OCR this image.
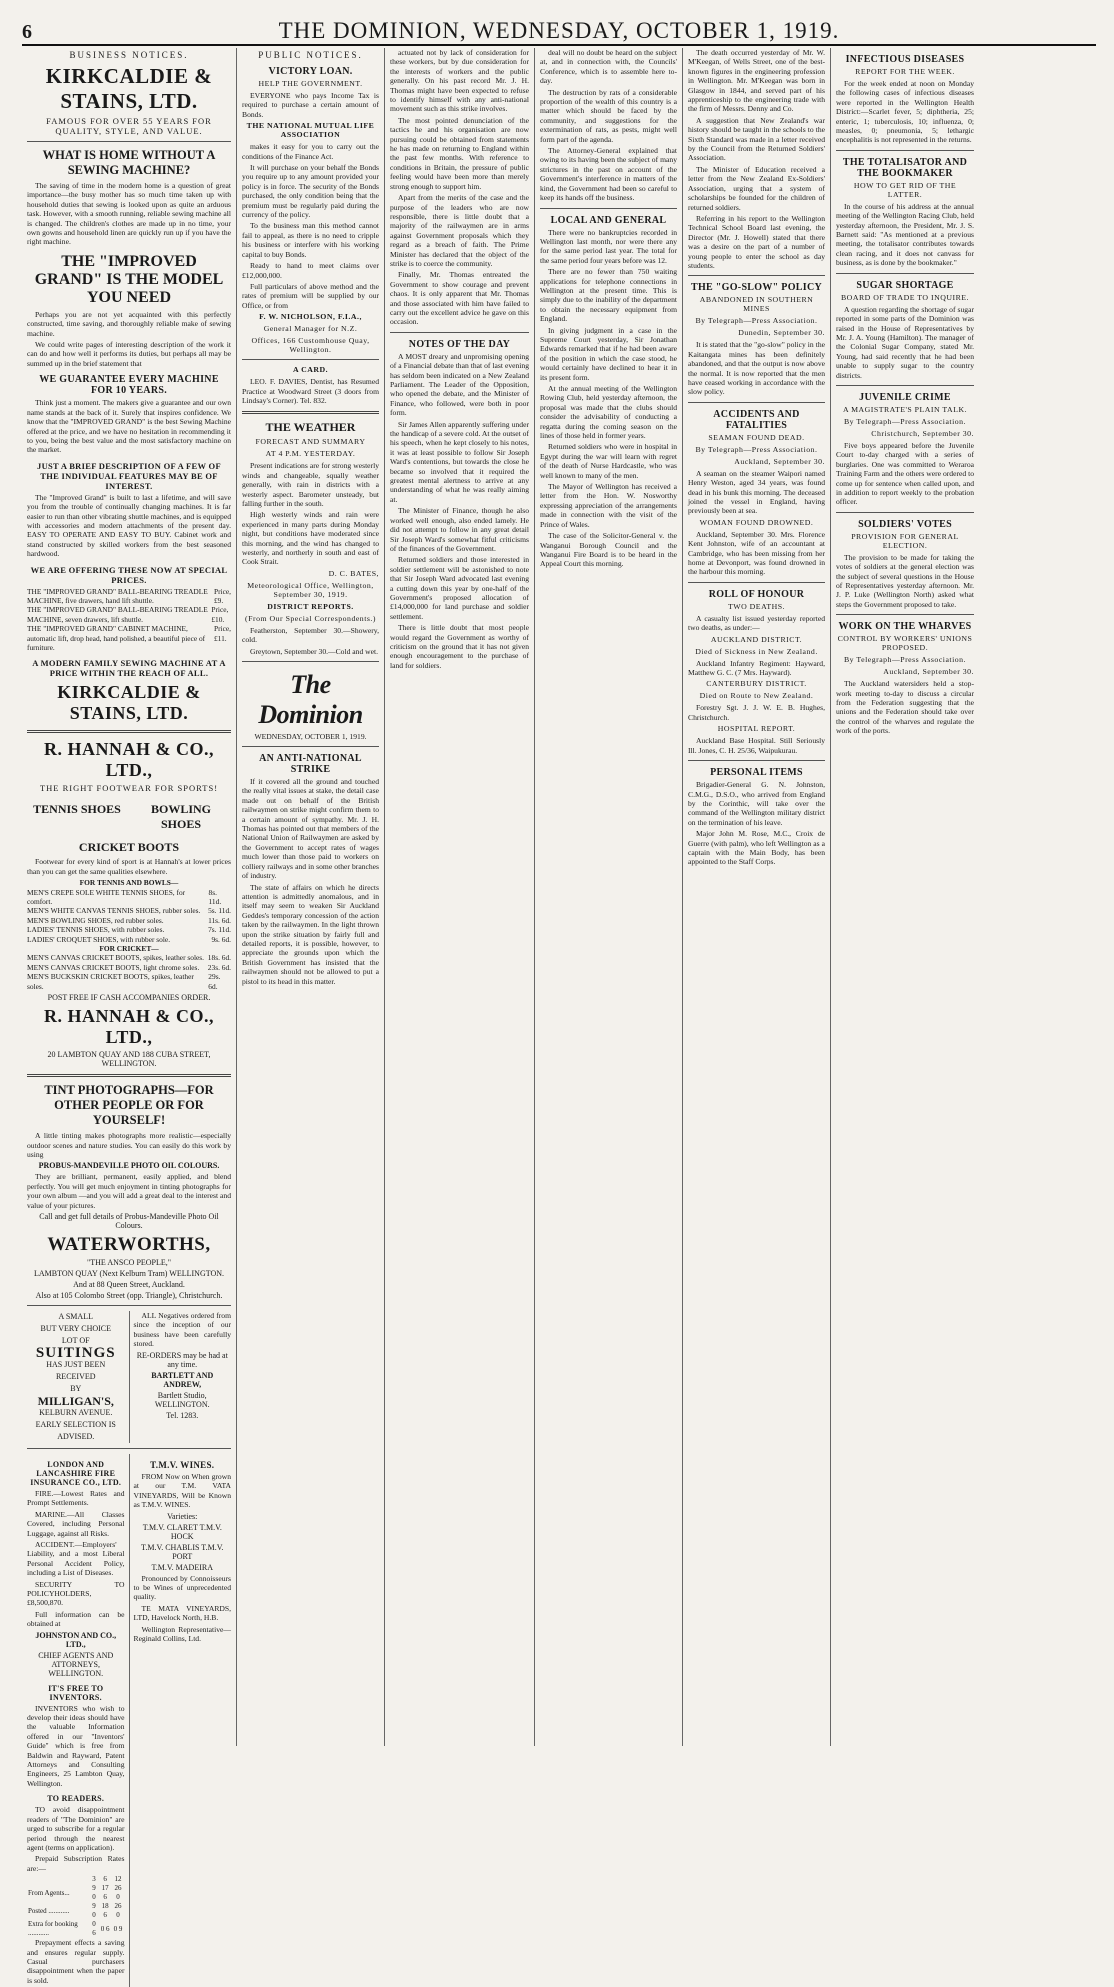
6	THE DOMINION, WEDNESDAY, OCTOBER 1, 1919.
BUSINESS NOTICES.
KIRKCALDIE & STAINS, LTD.
FAMOUS FOR OVER 55 YEARS FOR QUALITY, STYLE, AND VALUE.
WHAT IS HOME WITHOUT A SEWING MACHINE?

The saving of time in the modern home is a question of great importance—the busy mother has so much time taken up with household duties that sewing is looked upon as quite an arduous task. However, with a smooth running, reliable sewing machine all is changed. The children's clothes are made up in no time, your own gowns and household linen are quickly run up if you have the right machine.

THE "IMPROVED GRAND" IS THE MODEL YOU NEED

Perhaps you are not yet acquainted with this perfectly constructed, time saving, and thoroughly reliable make of sewing machine.

We could write pages of interesting description of the work it can do and how well it performs its duties, but perhaps all may be summed up in the brief statement that

WE GUARANTEE EVERY MACHINE FOR 10 YEARS.

Think just a moment. The makers give a guarantee and our own name stands at the back of it. Surely that inspires confidence. We know that the "IMPROVED GRAND" is the best Sewing Machine offered at the price, and we have no hesitation in recommending it to you, being the best value and the most satisfactory machine on the market.

JUST A BRIEF DESCRIPTION OF A FEW OF THE INDIVIDUAL FEATURES MAY BE OF INTEREST.

The "Improved Grand" is built to last a lifetime, and will save you from the trouble of continually changing machines. It is far easier to run than other vibrating shuttle machines, and is equipped with accessories and modern attachments of the present day. EASY TO OPERATE AND EASY TO BUY. Cabinet work and stand constructed by skilled workers from the best seasoned hardwood.

WE ARE OFFERING THESE NOW AT SPECIAL PRICES.
THE "IMPROVED GRAND" BALL-BEARING TREADLE MACHINE, five drawers, hand lift shuttle.
Price, £9.
THE "IMPROVED GRAND" BALL-BEARING TREADLE MACHINE, seven drawers, lift shuttle.
Price, £10.
THE "IMPROVED GRAND" CABINET MACHINE, automatic lift, drop head, hand polished, a beautiful piece of furniture.
Price, £11.
A MODERN FAMILY SEWING MACHINE AT A PRICE WITHIN THE REACH OF ALL.
KIRKCALDIE & STAINS, LTD.
R. HANNAH & CO., LTD.,
THE RIGHT FOOTWEAR FOR SPORTS!
TENNIS SHOES	BOWLING SHOES
CRICKET BOOTS

Footwear for every kind of sport is at Hannah's at lower prices than you can get the same qualities elsewhere.

FOR TENNIS AND BOWLS—
MEN'S CREPE SOLE WHITE TENNIS SHOES, for comfort.
8s. 11d.
MEN'S WHITE CANVAS TENNIS SHOES, rubber soles. 5s. 11d.
MEN'S BOWLING SHOES, red rubber soles.	11s. 6d.
LADIES' TENNIS SHOES, with rubber soles.	7s. 11d.
LADIES' CROQUET SHOES, with rubber sole.	9s. 6d.
FOR CRICKET—
MEN'S CANVAS CRICKET BOOTS, spikes, leather soles. 18s. 6d.
MEN'S CANVAS CRICKET BOOTS, light chrome soles. 23s. 6d.
MEN'S BUCKSKIN CRICKET BOOTS, spikes, leather soles.
29s. 6d.
POST FREE IF CASH ACCOMPANIES ORDER.
R. HANNAH & CO., LTD.,
20 LAMBTON QUAY AND 188 CUBA STREET, WELLINGTON.
TINT PHOTOGRAPHS—FOR OTHER PEOPLE OR FOR YOURSELF!

A little tinting makes photographs more realistic—especially outdoor scenes and nature studies. You can easily do this work by using

PROBUS-MANDEVILLE PHOTO OIL COLOURS.

They are brilliant, permanent, easily applied, and blend perfectly. You will get much enjoyment in tinting photographs for your own album —and you will add a great deal to the interest and value of your pictures.

Call and get full details of Probus-Mandeville Photo Oil Colours.
WATERWORTHS,
"THE ANSCO PEOPLE,"
LAMBTON QUAY (Next Kelburn Tram) WELLINGTON.
And at 88 Queen Street, Auckland.
Also at 105 Colombo Street (opp. Triangle), Christchurch.
A SMALL
BUT VERY CHOICE
LOT OF
SUITINGS
HAS JUST BEEN RECEIVED
BY
MILLIGAN'S,
KELBURN AVENUE.
EARLY SELECTION IS ADVISED.

ALL Negatives ordered from since the inception of our business have been carefully stored.

RE-ORDERS may be had at any time.
BARTLETT AND ANDREW,
Bartlett Studio, WELLINGTON.
Tel. 1283.
LONDON AND LANCASHIRE FIRE INSURANCE CO., LTD.

FIRE.—Lowest Rates and Prompt Settlements.

MARINE.—All Classes Covered, including Personal Luggage, against all Risks.

ACCIDENT.—Employers' Liability, and a most Liberal Personal Accident Policy, including a List of Diseases.

SECURITY TO POLICYHOLDERS, £8,500,870.

Full information can be obtained at

JOHNSTON AND CO., LTD.,
CHIEF AGENTS AND ATTORNEYS, WELLINGTON.
IT'S FREE TO INVENTORS.

INVENTORS who wish to develop their ideas should have the valuable Information offered in our "Inventors' Guide" which is free from Baldwin and Rayward, Patent Attorneys and Consulting Engineers, 25 Lambton Quay, Wellington.

TO READERS.

TO avoid disappointment readers of "The Dominion" are urged to subscribe for a regular period through the nearest agent (terms on application).

Prepaid Subscription Rates are:—

	3	6	12
From Agents...	9 0	17 6	26 0
Posted ............	9 0	18 6	26 0
Extra for booking ............	0 6	0 6	0 9

Prepayment effects a saving and ensures regular supply. Casual purchasers disappointment when the paper is sold.

T.M.V. WINES.

FROM Now on When grown at our T.M. VATA VINEYARDS, Will be Known as T.M.V. WINES.

Varieties:
T.M.V. CLARET T.M.V. HOCK
T.M.V. CHABLIS T.M.V. PORT
T.M.V. MADEIRA

Pronounced by Connoisseurs to be Wines of unprecedented quality.

TE MATA VINEYARDS, LTD, Havelock North, H.B.

Wellington Representative—Reginald Collins, Ltd.

PUBLIC NOTICES.
VICTORY LOAN.
HELP THE GOVERNMENT.

EVERYONE who pays Income Tax is required to purchase a certain amount of Bonds.

THE NATIONAL MUTUAL LIFE ASSOCIATION

makes it easy for you to carry out the conditions of the Finance Act.

It will purchase on your behalf the Bonds you require up to any amount provided your policy is in force. The security of the Bonds purchased, the only condition being that the premium must be regularly paid during the currency of the policy.

To the business man this method cannot fail to appeal, as there is no need to cripple his business or interfere with his working capital to buy Bonds.

Ready to hand to meet claims over £12,000,000.

Full particulars of above method and the rates of premium will be supplied by our Office, or from

F. W. NICHOLSON, F.I.A.,
General Manager for N.Z.
Offices, 166 Customhouse Quay, Wellington.
A CARD.

LEO. F. DAVIES, Dentist, has Resumed Practice at Woodward Street (3 doors from Lindsay's Corner). Tel. 832.

THE WEATHER
FORECAST AND SUMMARY
AT 4 P.M. YESTERDAY.

Present indications are for strong westerly winds and changeable, squally weather generally, with rain in districts with a westerly aspect. Barometer unsteady, but falling further in the south.

High westerly winds and rain were experienced in many parts during Monday night, but conditions have moderated since this morning, and the wind has changed to westerly, and northerly in south and east of Cook Strait.

D. C. BATES,
Meteorological Office, Wellington, September 30, 1919.
DISTRICT REPORTS.
(From Our Special Correspondents.)

Featherston, September 30.—Showery, cold.

Greytown, September 30.—Cold and wet.

The Dominion
WEDNESDAY, OCTOBER 1, 1919.
AN ANTI-NATIONAL STRIKE

If it covered all the ground and touched the really vital issues at stake, the detail case made out on behalf of the British railwaymen on strike might confirm them to a certain amount of sympathy. Mr. J. H. Thomas has pointed out that members of the National Union of Railwaymen are asked by the Government to accept rates of wages much lower than those paid to workers on colliery railways and in some other branches of industry.

The state of affairs on which he directs attention is admittedly anomalous, and in itself may seem to weaken Sir Auckland Geddes's temporary concession of the action taken by the railwaymen. In the light thrown upon the strike situation by fairly full and detailed reports, it is possible, however, to appreciate the grounds upon which the British Government has insisted that the railwaymen should not be allowed to put a pistol to its head in this matter.

actuated not by lack of consideration for these workers, but by due consideration for the interests of workers and the public generally. On his past record Mr. J. H. Thomas might have been expected to refuse to identify himself with any anti-national movement such as this strike involves.

The most pointed denunciation of the tactics he and his organisation are now pursuing could be obtained from statements he has made on returning to England within the past few months. With reference to conditions in Britain, the pressure of public feeling would have been more than merely strong enough to support him.

Apart from the merits of the case and the purpose of the leaders who are now responsible, there is little doubt that a majority of the railwaymen are in arms against Government proposals which they regard as a breach of faith. The Prime Minister has declared that the object of the strike is to coerce the community.

Finally, Mr. Thomas entreated the Government to show courage and prevent chaos. It is only apparent that Mr. Thomas and those associated with him have failed to carry out the excellent advice he gave on this occasion.

NOTES OF THE DAY

A MOST dreary and unpromising opening of a Financial debate than that of last evening has seldom been indicated on a New Zealand Parliament. The Leader of the Opposition, who opened the debate, and the Minister of Finance, who followed, were both in poor form.

Sir James Allen apparently suffering under the handicap of a severe cold. At the outset of his speech, when he kept closely to his notes, it was at least possible to follow Sir Joseph Ward's contentions, but towards the close he became so involved that it required the greatest mental alertness to arrive at any understanding of what he was really aiming at.

The Minister of Finance, though he also worked well enough, also ended lamely. He did not attempt to follow in any great detail Sir Joseph Ward's somewhat fitful criticisms of the finances of the Government.

Returned soldiers and those interested in soldier settlement will be astonished to note that Sir Joseph Ward advocated last evening a cutting down this year by one-half of the Government's proposed allocation of £14,000,000 for land purchase and soldier settlement.

There is little doubt that most people would regard the Government as worthy of criticism on the ground that it has not given enough encouragement to the purchase of land for soldiers.

deal will no doubt be heard on the subject at, and in connection with, the Councils' Conference, which is to assemble here to-day.

The destruction by rats of a considerable proportion of the wealth of this country is a matter which should be faced by the community, and suggestions for the extermination of rats, as pests, might well form part of the agenda.

The Attorney-General explained that owing to its having been the subject of many strictures in the past on account of the Government's interference in matters of the kind, the Government had been so careful to keep its hands off the business.

LOCAL AND GENERAL

There were no bankruptcies recorded in Wellington last month, nor were there any for the same period last year. The total for the same period four years before was 12.

There are no fewer than 750 waiting applications for telephone connections in Wellington at the present time. This is simply due to the inability of the department to obtain the necessary equipment from England.

In giving judgment in a case in the Supreme Court yesterday, Sir Jonathan Edwards remarked that if he had been aware of the position in which the case stood, he would certainly have declined to hear it in its present form.

At the annual meeting of the Wellington Rowing Club, held yesterday afternoon, the proposal was made that the clubs should consider the advisability of conducting a regatta during the coming season on the lines of those held in former years.

Returned soldiers who were in hospital in Egypt during the war will learn with regret of the death of Nurse Hardcastle, who was well known to many of the men.

The Mayor of Wellington has received a letter from the Hon. W. Nosworthy expressing appreciation of the arrangements made in connection with the visit of the Prince of Wales.

The case of the Solicitor-General v. the Wanganui Borough Council and the Wanganui Fire Board is to be heard in the Appeal Court this morning.

The death occurred yesterday of Mr. W. M'Keegan, of Wells Street, one of the best-known figures in the engineering profession in Wellington. Mr. M'Keegan was born in Glasgow in 1844, and served part of his apprenticeship to the engineering trade with the firm of Messrs. Denny and Co.

A suggestion that New Zealand's war history should be taught in the schools to the Sixth Standard was made in a letter received by the Council from the Returned Soldiers' Association.

The Minister of Education received a letter from the New Zealand Ex-Soldiers' Association, urging that a system of scholarships be founded for the children of returned soldiers.

Referring in his report to the Wellington Technical School Board last evening, the Director (Mr. J. Howell) stated that there was a desire on the part of a number of young people to enter the school as day students.

THE "GO-SLOW" POLICY
ABANDONED IN SOUTHERN MINES
By Telegraph—Press Association.
Dunedin, September 30.

It is stated that the "go-slow" policy in the Kaitangata mines has been definitely abandoned, and that the output is now above the normal. It is now reported that the men have ceased working in accordance with the slow policy.

ACCIDENTS AND FATALITIES
SEAMAN FOUND DEAD.
By Telegraph—Press Association.
Auckland, September 30.

A seaman on the steamer Waipori named Henry Weston, aged 34 years, was found dead in his bunk this morning. The deceased joined the vessel in England, having previously been at sea.

WOMAN FOUND DROWNED.

Auckland, September 30. Mrs. Florence Kent Johnston, wife of an accountant at Cambridge, who has been missing from her home at Devonport, was found drowned in the harbour this morning.

ROLL OF HONOUR
TWO DEATHS.

A casualty list issued yesterday reported two deaths, as under:—

AUCKLAND DISTRICT.
Died of Sickness in New Zealand.

Auckland Infantry Regiment: Hayward, Matthew G. C. (7 Mrs. Hayward).

CANTERBURY DISTRICT.
Died on Route to New Zealand.

Forestry Sgt. J. J. W. E. B. Hughes, Christchurch.

HOSPITAL REPORT.

Auckland Base Hospital. Still Seriously Ill. Jones, C. H. 25/36, Waipukurau.

PERSONAL ITEMS

Brigadier-General G. N. Johnston, C.M.G., D.S.O., who arrived from England by the Corinthic, will take over the command of the Wellington military district on the termination of his leave.

Major John M. Rose, M.C., Croix de Guerre (with palm), who left Wellington as a captain with the Main Body, has been appointed to the Staff Corps.

INFECTIOUS DISEASES
REPORT FOR THE WEEK.

For the week ended at noon on Monday the following cases of infectious diseases were reported in the Wellington Health District:—Scarlet fever, 5; diphtheria, 25; enteric, 1; tuberculosis, 10; influenza, 0; measles, 0; pneumonia, 5; lethargic encephalitis is not represented in the returns.

THE TOTALISATOR AND THE BOOKMAKER
HOW TO GET RID OF THE LATTER.

In the course of his address at the annual meeting of the Wellington Racing Club, held yesterday afternoon, the President, Mr. J. S. Barnett said: "As mentioned at a previous meeting, the totalisator contributes towards clean racing, and it does not canvass for business, as is done by the bookmaker."

SUGAR SHORTAGE
BOARD OF TRADE TO INQUIRE.

A question regarding the shortage of sugar reported in some parts of the Dominion was raised in the House of Representatives by Mr. J. A. Young (Hamilton). The manager of the Colonial Sugar Company, stated Mr. Young, had said recently that he had been unable to supply sugar to the country districts.

JUVENILE CRIME
A MAGISTRATE'S PLAIN TALK.
By Telegraph—Press Association.
Christchurch, September 30.

Five boys appeared before the Juvenile Court to-day charged with a series of burglaries. One was committed to Weraroa Training Farm and the others were ordered to come up for sentence when called upon, and in addition to report weekly to the probation officer.

SOLDIERS' VOTES
PROVISION FOR GENERAL ELECTION.

The provision to be made for taking the votes of soldiers at the general election was the subject of several questions in the House of Representatives yesterday afternoon. Mr. J. P. Luke (Wellington North) asked what steps the Government proposed to take.

WORK ON THE WHARVES
CONTROL BY WORKERS' UNIONS PROPOSED.
By Telegraph—Press Association.
Auckland, September 30.

The Auckland watersiders held a stop-work meeting to-day to discuss a circular from the Federation suggesting that the unions and the Federation should take over the control of the wharves and regulate the work of the ports.
